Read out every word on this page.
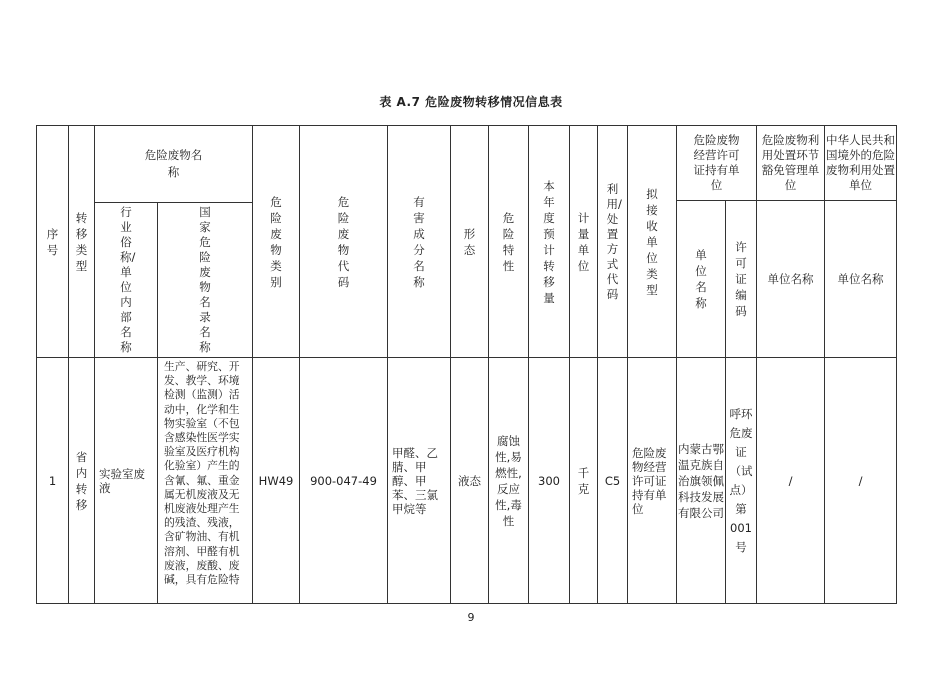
表 A.7 危险废物转移情况信息表
序号
转移类型
危险废物名称
行业俗称/单位内部名称
国家危险废物名录名称
危险废物类别
危险废物代码
有害成分名称
形态
危险特性
本年度预计转移量
计量单位
利用/处置方式代码
拟接收单位类型
危险废物经营许可证持有单位
单位名称
许可证编码
危险废物利用处置环节豁免管理单位
单位名称
中华人民共和国境外的危险废物利用处置单位
单位名称
1
省内转移
实验室废液
生产、研究、开发、教学、环境检测（监测）活动中，化学和生物实验室（不包含感染性医学实验室及医疗机构化验室）产生的含氰、氟、重金属无机废液及无机废液处理产生的残渣、残液，含矿物油、有机溶剂、甲醛有机废液，废酸、废碱，具有危险特
HW49 900-047-49
甲醛、乙腈、甲醇、甲苯、三氯甲烷等
液态
腐蚀性,易燃性,反应性,毒性
300
千克
C5
危险废物经营许可证持有单位
内蒙古鄂温克族自治旗领佩科技发展有限公司
呼环危废证（试点）第001号
/	/
9
